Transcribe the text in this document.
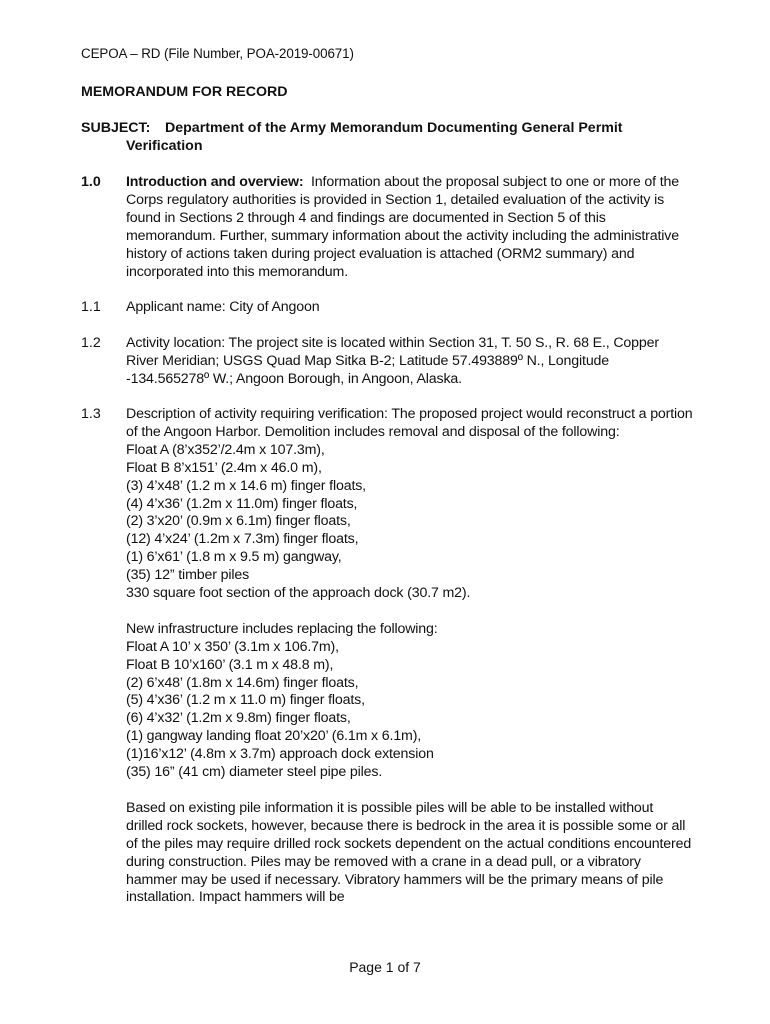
CEPOA – RD (File Number, POA-2019-00671)
MEMORANDUM FOR RECORD
SUBJECT: Department of the Army Memorandum Documenting General Permit
Verification
1.0	Introduction and overview: Information about the proposal subject to one or more of the Corps regulatory authorities is provided in Section 1, detailed evaluation of the activity is found in Sections 2 through 4 and findings are documented in Section 5 of this memorandum. Further, summary information about the activity including the administrative history of actions taken during project evaluation is attached (ORM2 summary) and incorporated into this memorandum.

1.1	Applicant name: City of Angoon

1.2	Activity location: The project site is located within Section 31, T. 50 S., R. 68 E., Copper River Meridian; USGS Quad Map Sitka B-2; Latitude 57.493889º N., Longitude -134.565278º W.; Angoon Borough, in Angoon, Alaska.

1.3	Description of activity requiring verification: The proposed project would reconstruct a portion of the Angoon Harbor. Demolition includes removal and disposal of the following:

Float A (8’x352’/2.4m x 107.3m),
Float B 8’x151’ (2.4m x 46.0 m),
(3) 4’x48’ (1.2 m x 14.6 m) finger floats,
(4) 4’x36’ (1.2m x 11.0m) finger floats,
(2) 3’x20’ (0.9m x 6.1m) finger floats,
(12) 4’x24’ (1.2m x 7.3m) finger floats,
(1) 6’x61’ (1.8 m x 9.5 m) gangway,
(35) 12” timber piles
330 square foot section of the approach dock (30.7 m2).

New infrastructure includes replacing the following:

Float A 10’ x 350’ (3.1m x 106.7m),
Float B 10’x160’ (3.1 m x 48.8 m),
(2) 6’x48’ (1.8m x 14.6m) finger floats,
(5) 4’x36’ (1.2 m x 11.0 m) finger floats,
(6) 4’x32’ (1.2m x 9.8m) finger floats,
(1) gangway landing float 20’x20’ (6.1m x 6.1m),
(1)16’x12’ (4.8m x 3.7m) approach dock extension
(35) 16” (41 cm) diameter steel pipe piles.

Based on existing pile information it is possible piles will be able to be installed without drilled rock sockets, however, because there is bedrock in the area it is possible some or all of the piles may require drilled rock sockets dependent on the actual conditions encountered during construction. Piles may be removed with a crane in a dead pull, or a vibratory hammer may be used if necessary. Vibratory hammers will be the primary means of pile installation. Impact hammers will be

Page 1 of 7
